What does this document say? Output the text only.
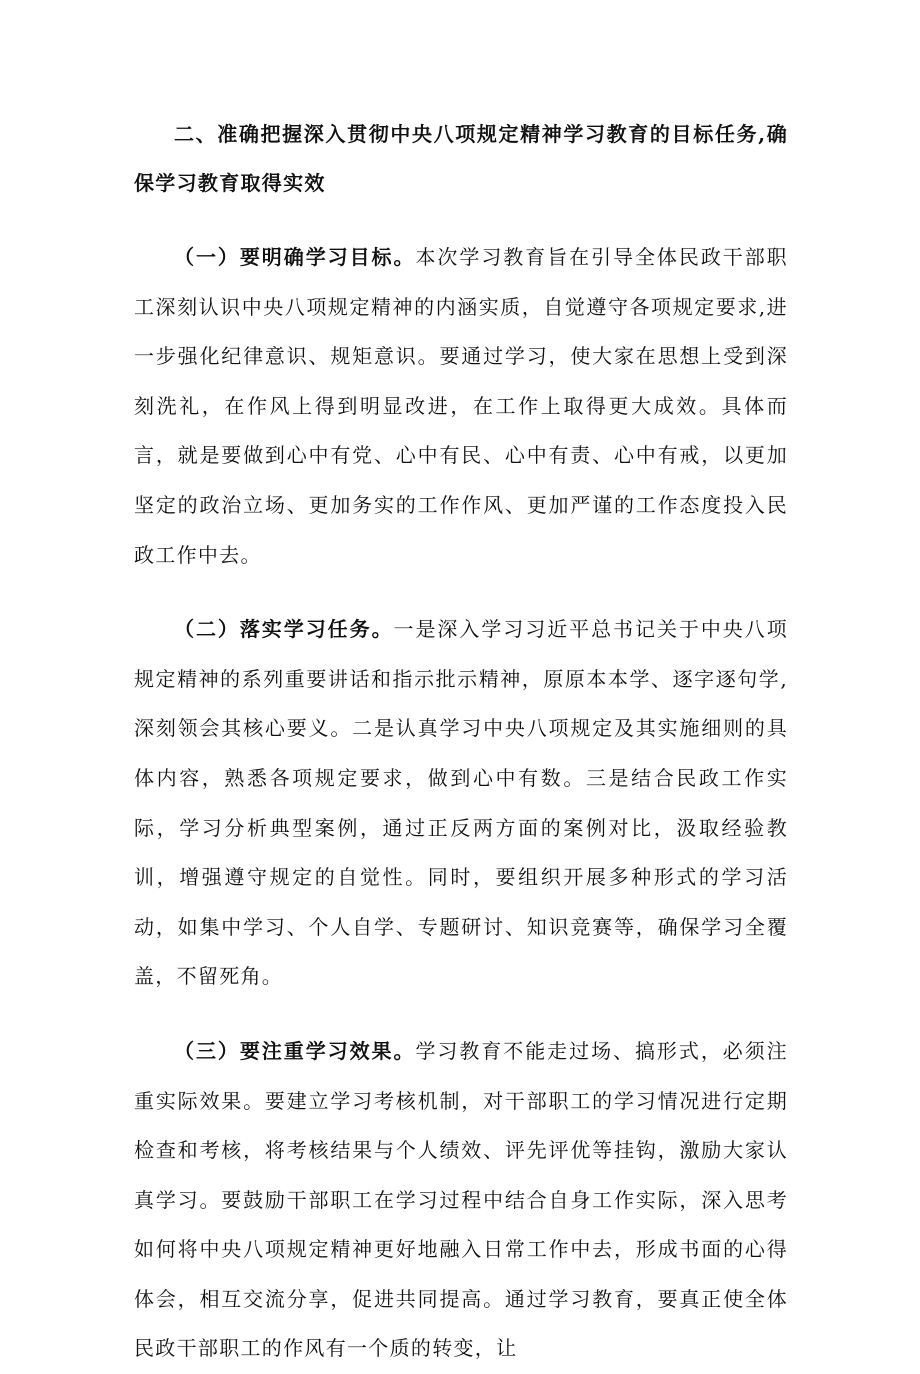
二、准确把握深入贯彻中央八项规定精神学习教育的目标任务,确保学习教育取得实效

（一）要明确学习目标。本次学习教育旨在引导全体民政干部职工深刻认识中央八项规定精神的内涵实质，自觉遵守各项规定要求,进一步强化纪律意识、规矩意识。要通过学习，使大家在思想上受到深刻洗礼，在作风上得到明显改进，在工作上取得更大成效。具体而言，就是要做到心中有党、心中有民、心中有责、心中有戒，以更加坚定的政治立场、更加务实的工作作风、更加严谨的工作态度投入民政工作中去。

（二）落实学习任务。一是深入学习习近平总书记关于中央八项规定精神的系列重要讲话和指示批示精神，原原本本学、逐字逐句学,深刻领会其核心要义。二是认真学习中央八项规定及其实施细则的具体内容，熟悉各项规定要求，做到心中有数。三是结合民政工作实际，学习分析典型案例，通过正反两方面的案例对比，汲取经验教训，增强遵守规定的自觉性。同时，要组织开展多种形式的学习活动，如集中学习、个人自学、专题研讨、知识竞赛等，确保学习全覆盖，不留死角。

（三）要注重学习效果。学习教育不能走过场、搞形式，必须注重实际效果。要建立学习考核机制，对干部职工的学习情况进行定期检查和考核，将考核结果与个人绩效、评先评优等挂钩，激励大家认真学习。要鼓励干部职工在学习过程中结合自身工作实际，深入思考如何将中央八项规定精神更好地融入日常工作中去，形成书面的心得体会，相互交流分享，促进共同提高。通过学习教育，要真正使全体民政干部职工的作风有一个质的转变，让
